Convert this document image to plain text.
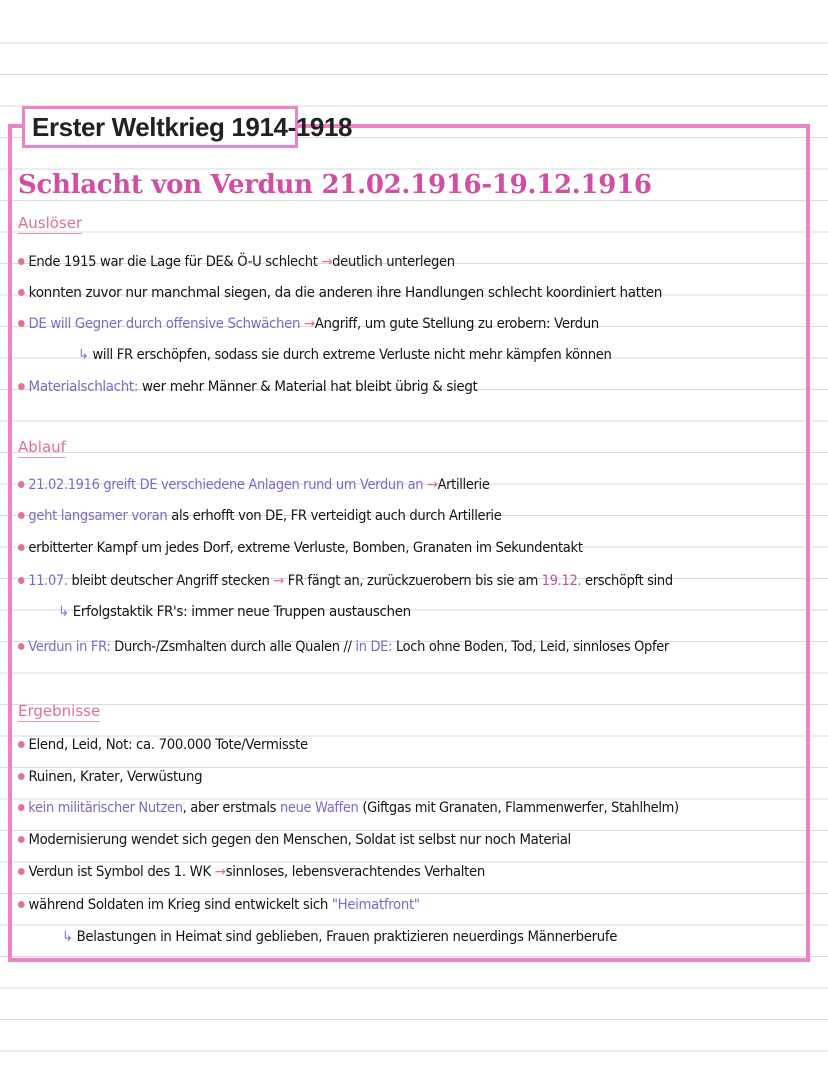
Erster Weltkrieg 1914-1918
Schlacht von Verdun 21.02.1916-19.12.1916
Auslöser
Ende 1915 war die Lage für DE& Ö-U schlecht →deutlich unterlegen
konnten zuvor nur manchmal siegen, da die anderen ihre Handlungen schlecht koordiniert hatten
DE will Gegner durch offensive Schwächen →Angriff, um gute Stellung zu erobern: Verdun
↳ will FR erschöpfen, sodass sie durch extreme Verluste nicht mehr kämpfen können
Materialschlacht: wer mehr Männer & Material hat bleibt übrig & siegt
Ablauf
21.02.1916 greift DE verschiedene Anlagen rund um Verdun an →Artillerie
geht langsamer voran als erhofft von DE, FR verteidigt auch durch Artillerie
erbitterter Kampf um jedes Dorf, extreme Verluste, Bomben, Granaten im Sekundentakt
11.07. bleibt deutscher Angriff stecken → FR fängt an, zurückzuerobern bis sie am 19.12. erschöpft sind
↳ Erfolgstaktik FR's: immer neue Truppen austauschen
Verdun in FR: Durch-/Zsmhalten durch alle Qualen // in DE: Loch ohne Boden, Tod, Leid, sinnloses Opfer
Ergebnisse
Elend, Leid, Not: ca. 700.000 Tote/Vermisste
Ruinen, Krater, Verwüstung
kein militärischer Nutzen, aber erstmals neue Waffen (Giftgas mit Granaten, Flammenwerfer, Stahlhelm)
Modernisierung wendet sich gegen den Menschen, Soldat ist selbst nur noch Material
Verdun ist Symbol des 1. WK →sinnloses, lebensverachtendes Verhalten
während Soldaten im Krieg sind entwickelt sich "Heimatfront"
↳ Belastungen in Heimat sind geblieben, Frauen praktizieren neuerdings Männerberufe
